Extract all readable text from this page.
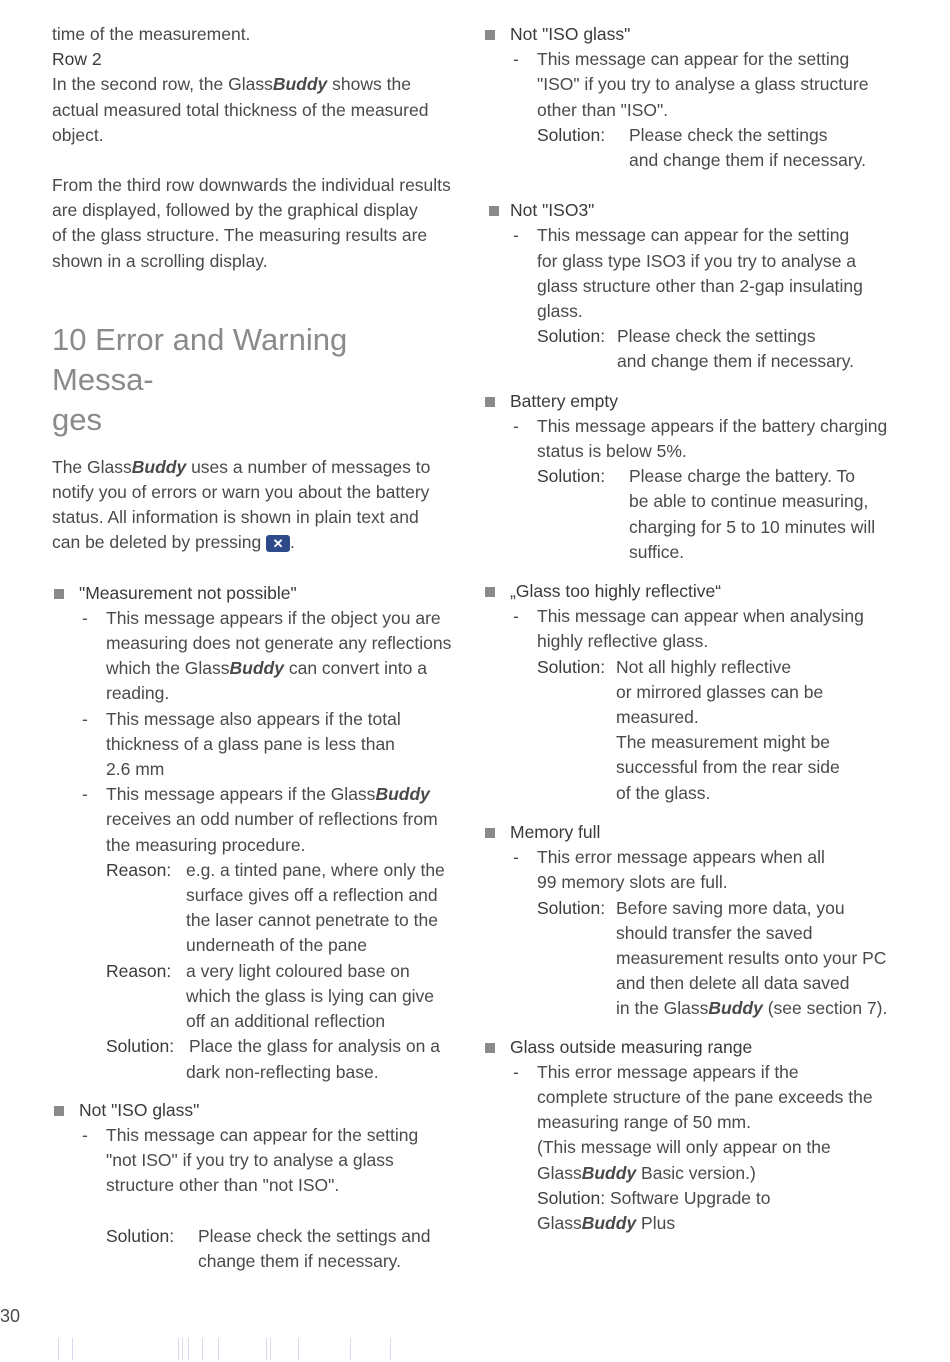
time of the measurement.

Row 2

In the second row, the GlassBuddy shows the

actual measured total thickness of the measured

object.

From the third row downwards the individual results

are displayed, followed by the graphical display

of the glass structure. The measuring results are

shown in a scrolling display.

10 Error and Warning Messa-
ges

The GlassBuddy uses a number of messages to

notify you of errors or warn you about the battery

status. All information is shown in plain text and

can be deleted by pressing ✕ .

"Measurement not possible"

- This message appears if the object you are

measuring does not generate any reflections

which the GlassBuddy can convert into a

reading.

- This message also appears if the total

thickness of a glass pane is less than

2.6 mm

- This message appears if the GlassBuddy

receives an odd number of reflections from

the measuring procedure.

Reason: e.g. a tinted pane, where only the

surface gives off a reflection and

the laser cannot penetrate to the

underneath of the pane

Reason: a very light coloured base on

which the glass is lying can give

off an additional reflection

Solution: Place the glass for analysis on a

dark non-reflecting base.

Not "ISO glass"

- This message can appear for the setting

"not ISO" if you try to analyse a glass

structure other than "not ISO".

Solution:	Please check the settings and

change them if necessary.

Not "ISO glass"

- This message can appear for the setting

"ISO" if you try to analyse a glass structure

other than "ISO".

Solution:	Please check the settings

and change them if necessary.

Not "ISO3"

- This message can appear for the setting

for glass type ISO3 if you try to analyse a

glass structure other than 2-gap insulating

glass.

Solution: Please check the settings

and change them if necessary.

Battery empty

- This message appears if the battery charging

status is below 5%.

Solution:	Please charge the battery. To

be able to continue measuring,

charging for 5 to 10 minutes will

suffice.

„Glass too highly reflective“

- This message can appear when analysing

highly reflective glass.

Solution: Not all highly reflective

or mirrored glasses can be

measured.

The measurement might be

successful from the rear side

of the glass.

Memory full

- This error message appears when all

99 memory slots are full.

Solution: Before saving more data, you

should transfer the saved

measurement results onto your PC

and then delete all data saved

in the GlassBuddy (see section 7).

Glass outside measuring range

- This error message appears if the

complete structure of the pane exceeds the

measuring range of 50 mm.

(This message will only appear on the

GlassBuddy Basic version.)

Solution: Software Upgrade to

GlassBuddy Plus

30
